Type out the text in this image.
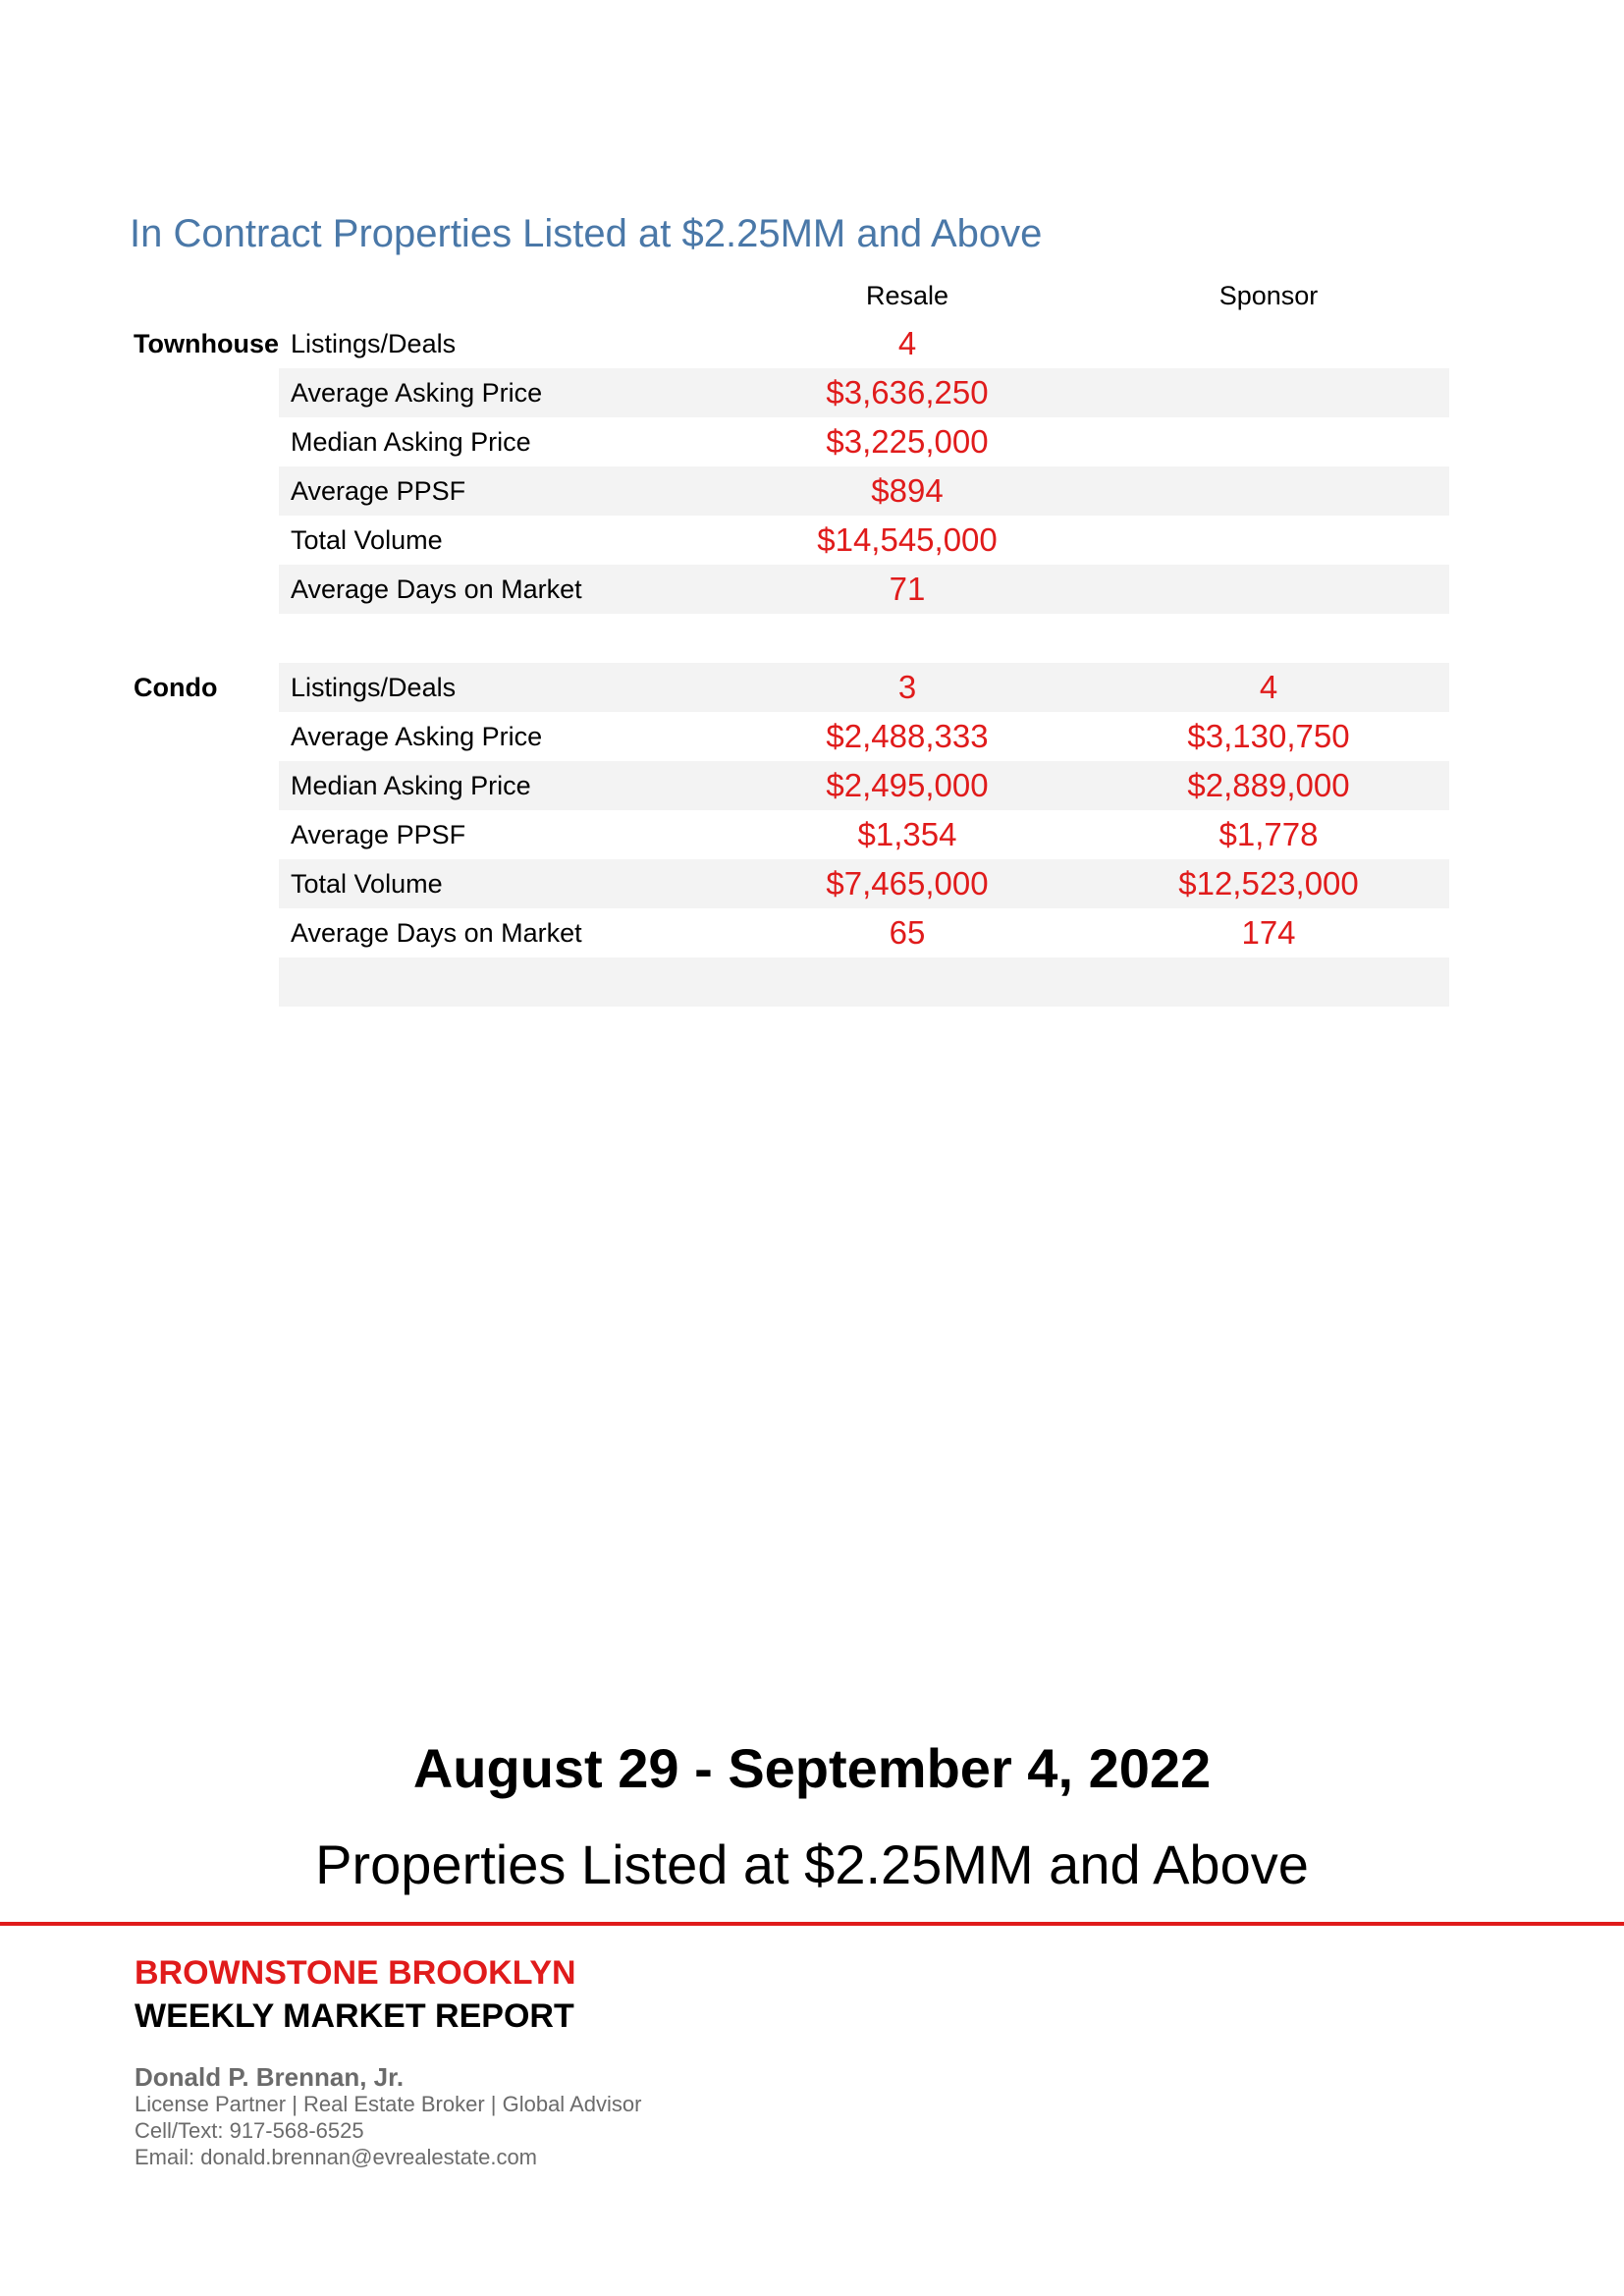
In Contract Properties Listed at $2.25MM and Above
Resale	Sponsor
Townhouse Listings/Deals	4
Average Asking Price	$3,636,250
Median Asking Price	$3,225,000
Average PPSF	$894
Total Volume	$14,545,000
Average Days on Market	71
Condo	Listings/Deals	3	4
Average Asking Price	$2,488,333	$3,130,750
Median Asking Price	$2,495,000	$2,889,000
Average PPSF	$1,354	$1,778
Total Volume	$7,465,000	$12,523,000
Average Days on Market	65	174
August 29 - September 4, 2022
Properties Listed at $2.25MM and Above
BROWNSTONE BROOKLYN
WEEKLY MARKET REPORT
Donald P. Brennan, Jr.
License Partner | Real Estate Broker | Global Advisor
Cell/Text: 917-568-6525
Email: donald.brennan@evrealestate.com
